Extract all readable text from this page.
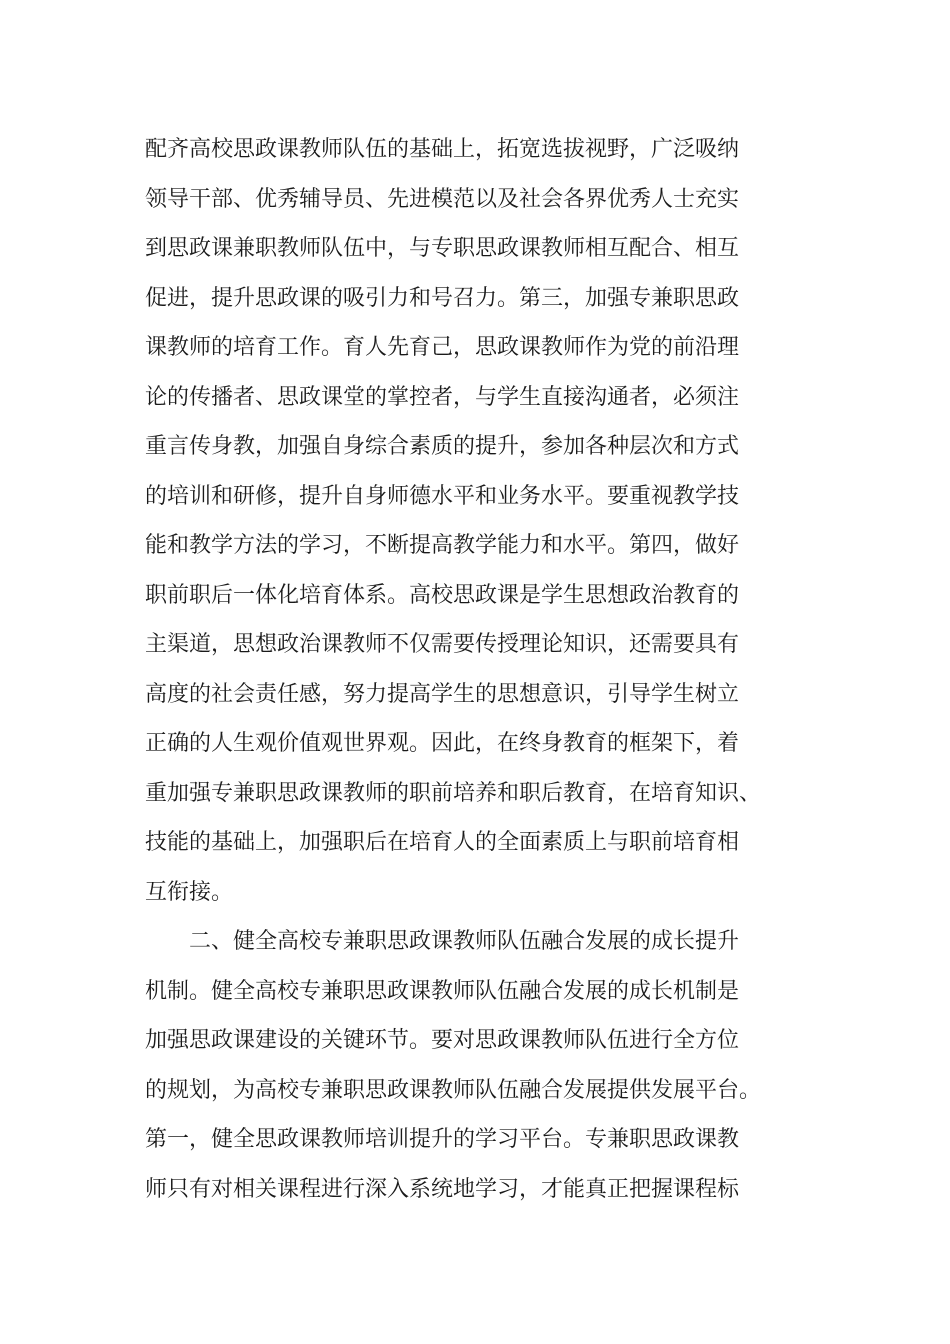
配齐高校思政课教师队伍的基础上，拓宽选拔视野，广泛吸纳
领导干部、优秀辅导员、先进模范以及社会各界优秀人士充实
到思政课兼职教师队伍中，与专职思政课教师相互配合、相互
促进，提升思政课的吸引力和号召力。第三，加强专兼职思政
课教师的培育工作。育人先育己，思政课教师作为党的前沿理
论的传播者、思政课堂的掌控者，与学生直接沟通者，必须注
重言传身教，加强自身综合素质的提升，参加各种层次和方式
的培训和研修，提升自身师德水平和业务水平。要重视教学技
能和教学方法的学习，不断提高教学能力和水平。第四，做好
职前职后一体化培育体系。高校思政课是学生思想政治教育的
主渠道，思想政治课教师不仅需要传授理论知识，还需要具有
高度的社会责任感，努力提高学生的思想意识，引导学生树立
正确的人生观价值观世界观。因此，在终身教育的框架下，着
重加强专兼职思政课教师的职前培养和职后教育，在培育知识、
技能的基础上，加强职后在培育人的全面素质上与职前培育相
互衔接。
二、健全高校专兼职思政课教师队伍融合发展的成长提升
机制。健全高校专兼职思政课教师队伍融合发展的成长机制是
加强思政课建设的关键环节。要对思政课教师队伍进行全方位
的规划，为高校专兼职思政课教师队伍融合发展提供发展平台。
第一，健全思政课教师培训提升的学习平台。专兼职思政课教
师只有对相关课程进行深入系统地学习，才能真正把握课程标
